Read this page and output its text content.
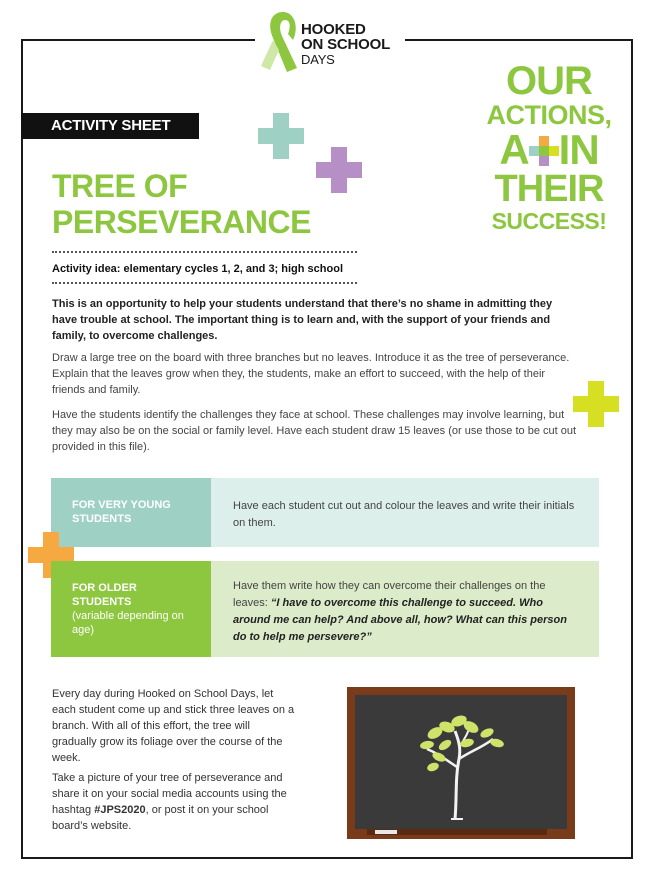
HOOKED
ON SCHOOL
DAYS
ACTIVITY SHEET
OUR
ACTIONS,
A IN
THEIR
SUCCESS!
TREE OF
PERSEVERANCE
Activity idea: elementary cycles 1, 2, and 3; high school
This is an opportunity to help your students understand that there’s no shame in admitting they have trouble at school. The important thing is to learn and, with the support of your friends and family, to overcome challenges.
Draw a large tree on the board with three branches but no leaves. Introduce it as the tree of perseverance. Explain that the leaves grow when they, the students, make an effort to succeed, with the help of their friends and family.
Have the students identify the challenges they face at school. These challenges may involve learning, but they may also be on the social or family level. Have each student draw 15 leaves (or use those to be cut out provided in this file).
FOR VERY YOUNG STUDENTS
Have each student cut out and colour the leaves and write their initials on them.
FOR OLDER STUDENTS
(variable depending on age)
Have them write how they can overcome their challenges on the leaves: “I have to overcome this challenge to succeed. Who around me can help? And above all, how? What can this person do to help me persevere?”
Every day during Hooked on School Days, let each student come up and stick three leaves on a branch. With all of this effort, the tree will gradually grow its foliage over the course of the week.
Take a picture of your tree of perseverance and share it on your social media accounts using the hashtag #JPS2020, or post it on your school board’s website.
